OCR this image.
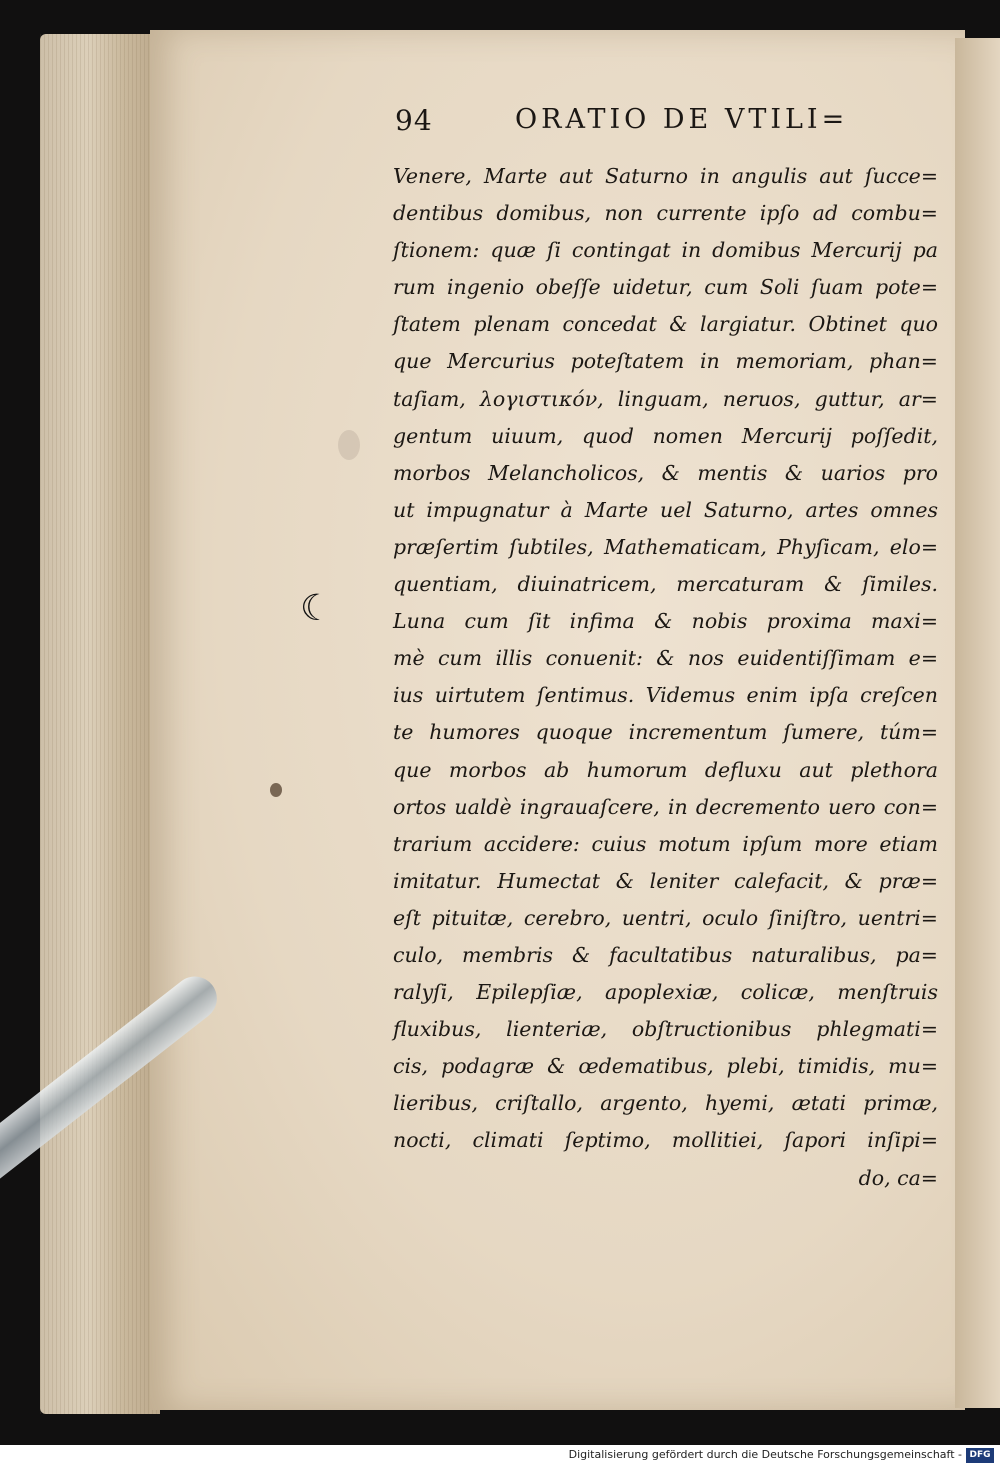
94	ORATIO DE VTILI=
☾
Venere, Marte aut Saturno in angulis aut ſucce=
dentibus domibus, non currente ipſo ad combu=
ſtionem: quæ ſi contingat in domibus Mercurij pa
rum ingenio obeſſe uidetur, cum Soli ſuam pote=
ſtatem plenam concedat & largiatur. Obtinet quo
que Mercurius poteſtatem in memoriam, phan=
taſiam, λογιστικόν, linguam, neruos, guttur, ar=
gentum uiuum, quod nomen Mercurij poſſedit,
morbos Melancholicos, & mentis & uarios pro
ut impugnatur à Marte uel Saturno, artes omnes
præſertim ſubtiles, Mathematicam, Phyſicam, elo=
quentiam, diuinatricem, mercaturam & ſimiles.
Luna cum ſit infima & nobis proxima maxi=
mè cum illis conuenit: & nos euidentiſſimam e=
ius uirtutem ſentimus. Videmus enim ipſa creſcen
te humores quoque incrementum ſumere, túm=
que morbos ab humorum defluxu aut plethora
ortos ualdè ingrauaſcere, in decremento uero con=
trarium accidere: cuius motum ipſum more etiam
imitatur. Humectat & leniter calefacit, & præ=
eſt pituitæ, cerebro, uentri, oculo ſiniſtro, uentri=
culo, membris & facultatibus naturalibus, pa=
ralyſi, Epilepſiæ, apoplexiæ, colicæ, menſtruis
fluxibus, lienteriæ, obſtructionibus phlegmati=
cis, podagræ & œdematibus, plebi, timidis, mu=
lieribus, criſtallo, argento, hyemi, ætati primæ,
nocti, climati ſeptimo, mollitiei, ſapori inſipi=
do, ca=
Digitalisierung gefördert durch die Deutsche Forschungsgemeinschaft - DFG
